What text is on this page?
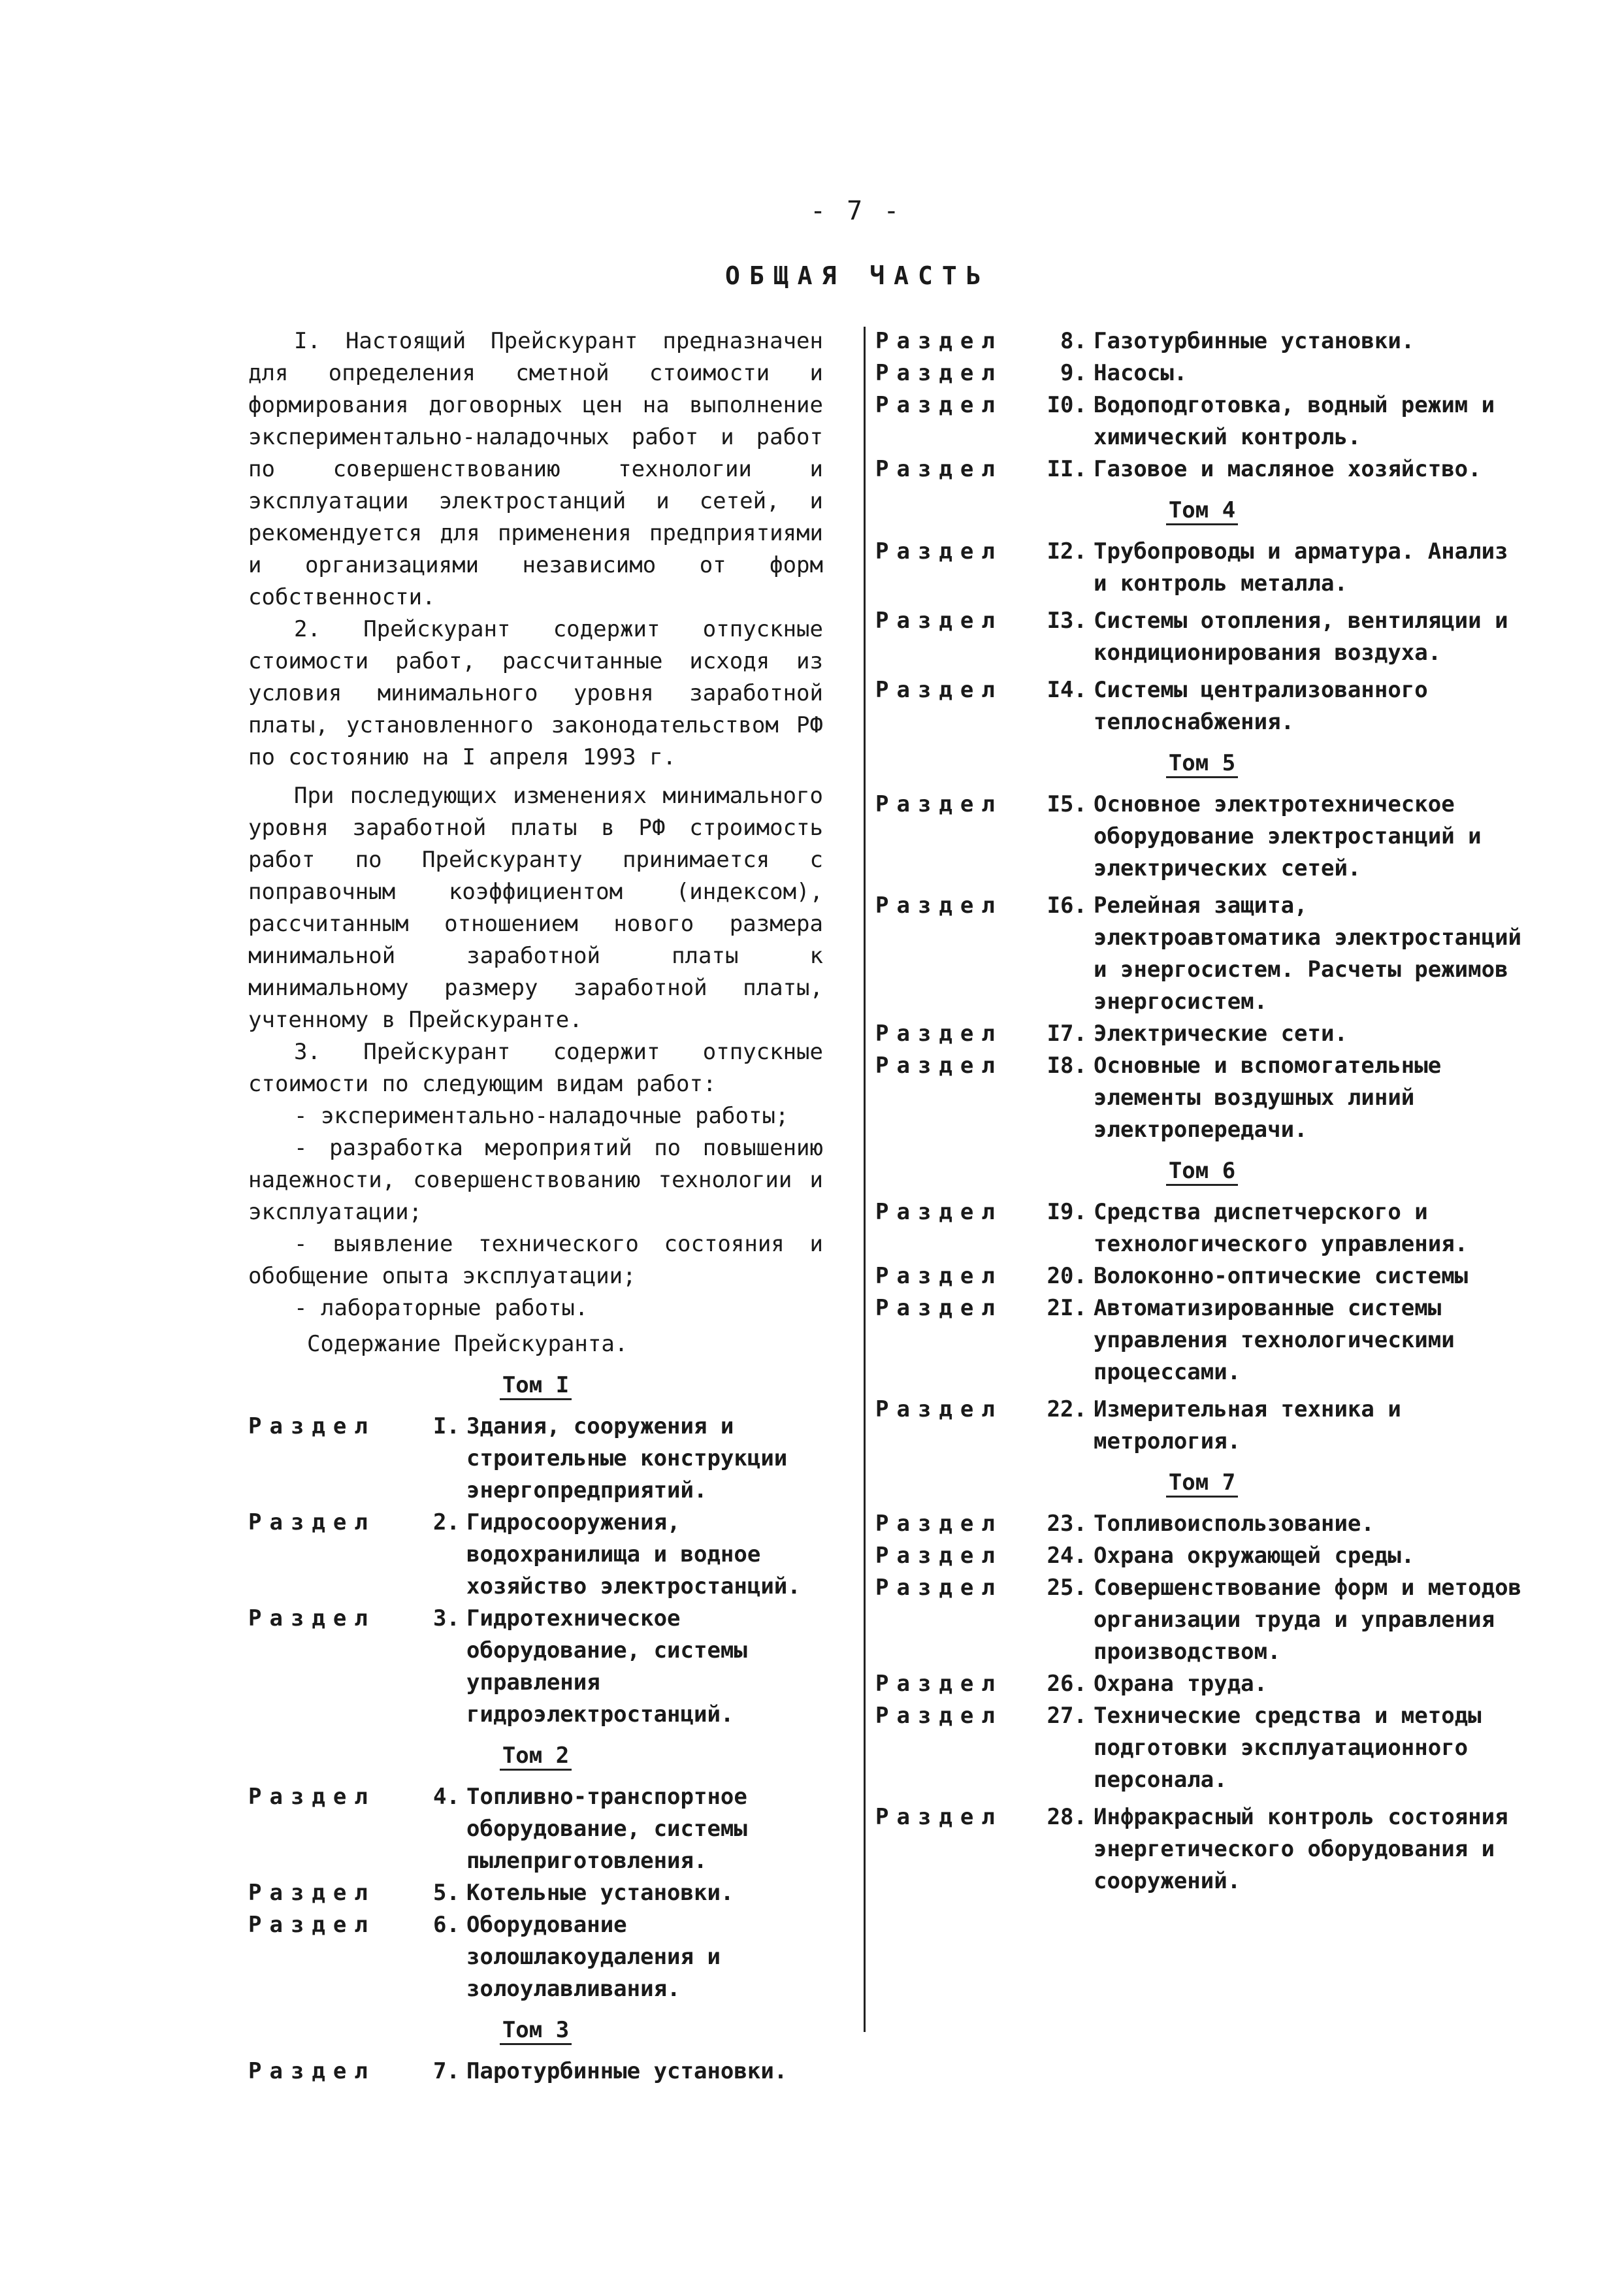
- 7 -
ОБЩАЯ ЧАСТЬ

I. Настоящий Прейскурант предназначен для определения сметной стоимости и формирования договорных цен на выполнение экспериментально-наладочных работ и работ по совершенствованию технологии и эксплуатации электростанций и сетей, и рекомендуется для применения предприятиями и организациями независимо от форм собственности.

2. Прейскурант содержит отпускные стоимости работ, рассчитанные исходя из условия минимального уровня заработной платы, установленного законодательством РФ по состоянию на I апреля 1993 г.

При последующих изменениях минимального уровня заработной платы в РФ строимость работ по Прейскуранту принимается с поправочным коэффициентом (индексом), рассчитанным отношением нового размера минимальной заработной платы к минимальному размеру заработной платы, учтенному в Прейскуранте.

3. Прейскурант содержит отпускные стоимости по следующим видам работ:

- экспериментально-наладочные работы;
- разработка мероприятий по повышению надежности, совершенствованию технологии и эксплуатации;
- выявление технического состояния и обобщение опыта эксплуатации;
- лабораторные работы.
Содержание Прейскуранта.
Том I
Раздел	I. Здания, сооружения и строительные конструкции энергопредприятий.
Раздел	2. Гидросооружения, водохранилища и водное хозяйство электростанций.
Раздел	3. Гидротехническое оборудование, системы управления гидроэлектростанций.
Том 2
Раздел	4. Топливно-транспортное оборудование, системы пылеприготовления.
Раздел	5. Котельные установки.
Раздел	6. Оборудование золошлакоудаления и золоулавливания.
Том 3
Раздел	7. Паротурбинные установки.
Раздел	8. Газотурбинные установки.
Раздел	9. Насосы.
Раздел	I0. Водоподготовка, водный режим и химический контроль.
Раздел	II. Газовое и масляное хозяйство.
Том 4
Раздел	I2. Трубопроводы и арматура. Анализ и контроль металла.
Раздел	I3. Системы отопления, вентиляции и кондиционирования воздуха.
Раздел	I4. Системы централизованного теплоснабжения.
Том 5
Раздел	I5. Основное электротехническое оборудование электростанций и электрических сетей.
Раздел	I6. Релейная защита, электроавтоматика электростанций и энергосистем. Расчеты режимов энергосистем.
Раздел	I7. Электрические сети.
Раздел	I8. Основные и вспомогательные элементы воздушных линий электропередачи.
Том 6
Раздел	I9. Средства диспетчерского и технологического управления.
Раздел	20. Волоконно-оптические системы
Раздел	2I. Автоматизированные системы управления технологическими процессами.
Раздел	22. Измерительная техника и метрология.
Том 7
Раздел	23. Топливоиспользование.
Раздел	24. Охрана окружающей среды.
Раздел	25. Совершенствование форм и методов организации труда и управления производством.
Раздел	26. Охрана труда.
Раздел	27. Технические средства и методы подготовки эксплуатационного персонала.
Раздел	28. Инфракрасный контроль состояния энергетического оборудования и сооружений.
